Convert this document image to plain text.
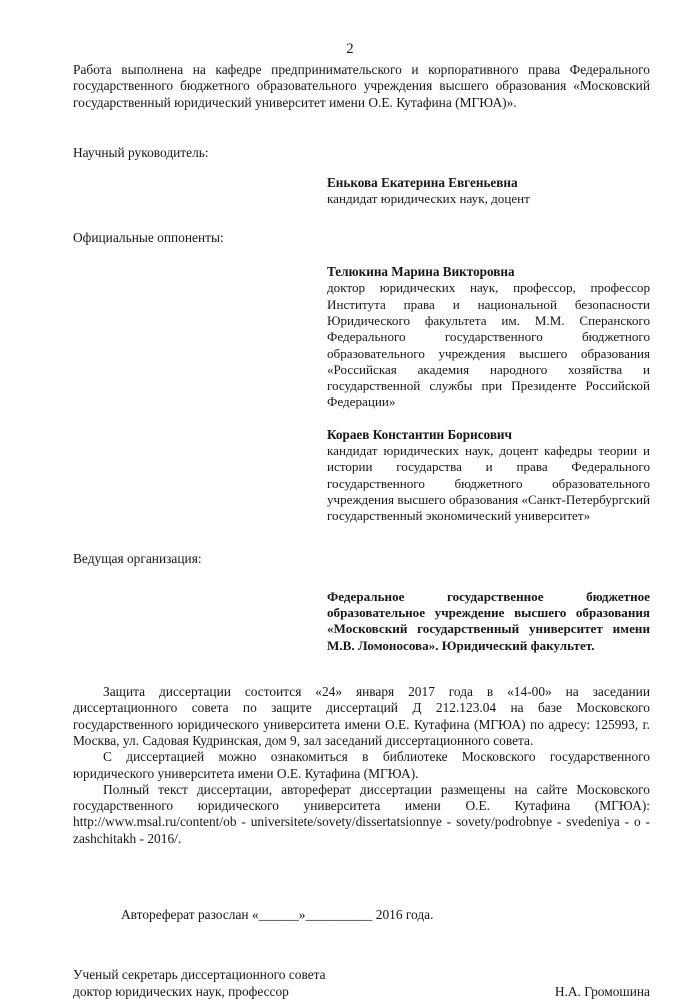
2

Работа выполнена на кафедре предпринимательского и корпоративного права Федерального государственного бюджетного образовательного учреждения высшего образования «Московский государственный юридический университет имени О.Е. Кутафина (МГЮА)».

Научный руководитель:

Енькова Екатерина Евгеньевна

кандидат юридических наук, доцент

Официальные оппоненты:

Телюкина Марина Викторовна

доктор юридических наук, профессор, профессор Института права и национальной безопасности Юридического факультета им. М.М. Сперанского Федерального государственного бюджетного образовательного учреждения высшего образования «Российская академия народного хозяйства и государственной службы при Президенте Российской Федерации»

Кораев Константин Борисович

кандидат юридических наук, доцент кафедры теории и истории государства и права Федерального государственного бюджетного образовательного учреждения высшего образования «Санкт-Петербургский государственный экономический университет»

Ведущая организация:

Федеральное государственное бюджетное образовательное учреждение высшего образования «Московский государственный университет имени М.В. Ломоносова». Юридический факультет.

Защита диссертации состоится «24» января 2017 года в «14-00» на заседании диссертационного совета по защите диссертаций Д 212.123.04 на базе Московского государственного юридического университета имени О.Е. Кутафина (МГЮА) по адресу: 125993, г. Москва, ул. Садовая Кудринская, дом 9, зал заседаний диссертационного совета.

С диссертацией можно ознакомиться в библиотеке Московского государственного юридического университета имени О.Е. Кутафина (МГЮА).

Полный текст диссертации, автореферат диссертации размещены на сайте Московского государственного юридического университета имени О.Е. Кутафина (МГЮА):

http://www.msal.ru/content/ob - universitete/sovety/dissertatsionnye - sovety/podrobnye - svedeniya - o - zashchitakh - 2016/.

Автореферат разослан «______»__________ 2016 года.

Ученый секретарь диссертационного совета
доктор юридических наук, профессор	Н.А. Громошина
